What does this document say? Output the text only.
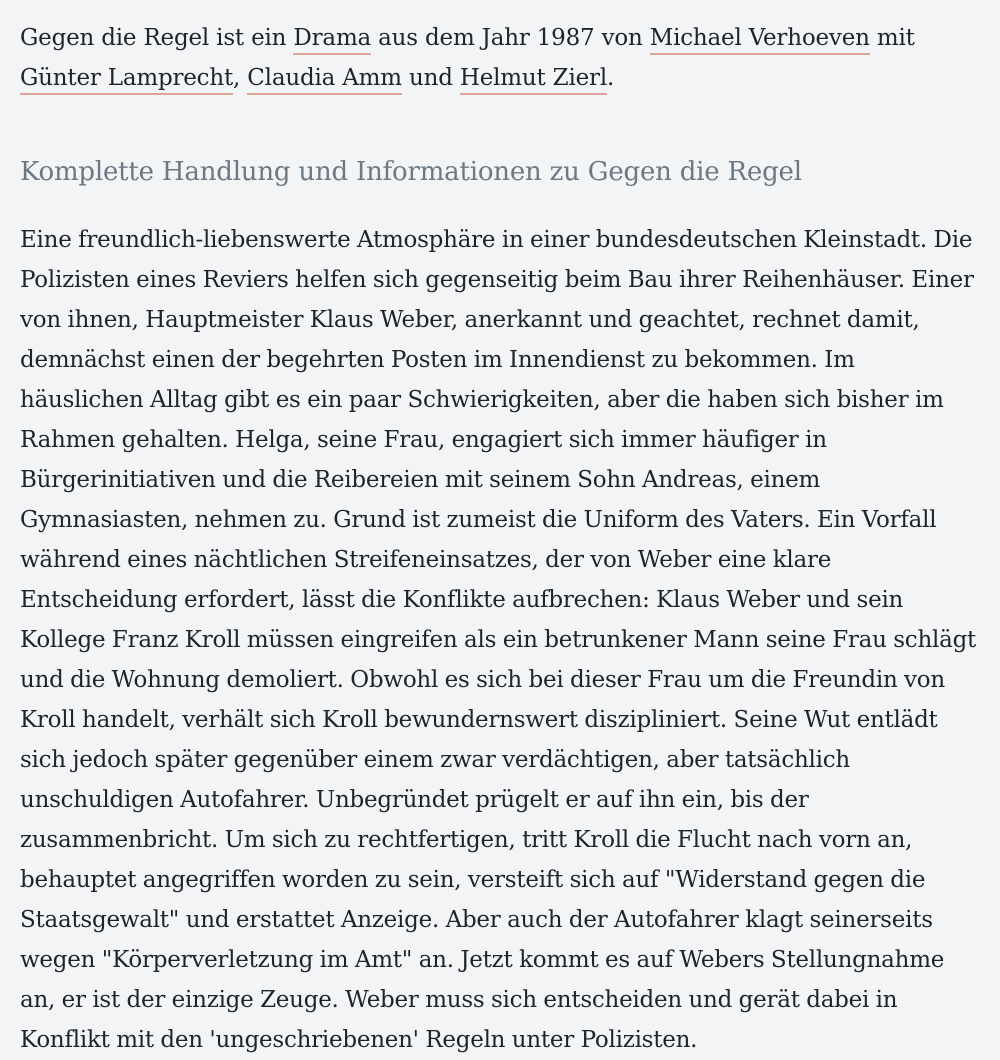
Gegen die Regel ist ein Drama aus dem Jahr 1987 von Michael Verhoeven mit Günter Lamprecht, Claudia Amm und Helmut Zierl.

Komplette Handlung und Informationen zu Gegen die Regel

Eine freundlich-liebenswerte Atmosphäre in einer bundesdeutschen Kleinstadt. Die Polizisten eines Reviers helfen sich gegenseitig beim Bau ihrer Reihenhäuser. Einer von ihnen, Hauptmeister Klaus Weber, anerkannt und geachtet, rechnet damit, demnächst einen der begehrten Posten im Innendienst zu bekommen. Im häuslichen Alltag gibt es ein paar Schwierigkeiten, aber die haben sich bisher im Rahmen gehalten. Helga, seine Frau, engagiert sich immer häufiger in Bürgerinitiativen und die Reibereien mit seinem Sohn Andreas, einem Gymnasiasten, nehmen zu. Grund ist zumeist die Uniform des Vaters. Ein Vorfall während eines nächtlichen Streifeneinsatzes, der von Weber eine klare Entscheidung erfordert, lässt die Konflikte aufbrechen: Klaus Weber und sein Kollege Franz Kroll müssen eingreifen als ein betrunkener Mann seine Frau schlägt und die Wohnung demoliert. Obwohl es sich bei dieser Frau um die Freundin von Kroll handelt, verhält sich Kroll bewundernswert diszipliniert. Seine Wut entlädt sich jedoch später gegenüber einem zwar verdächtigen, aber tatsächlich unschuldigen Autofahrer. Unbegründet prügelt er auf ihn ein, bis der zusammenbricht. Um sich zu rechtfertigen, tritt Kroll die Flucht nach vorn an, behauptet angegriffen worden zu sein, versteift sich auf "Widerstand gegen die Staatsgewalt" und erstattet Anzeige. Aber auch der Autofahrer klagt seinerseits wegen "Körperverletzung im Amt" an. Jetzt kommt es auf Webers Stellungnahme an, er ist der einzige Zeuge. Weber muss sich entscheiden und gerät dabei in Konflikt mit den 'ungeschriebenen' Regeln unter Polizisten.
